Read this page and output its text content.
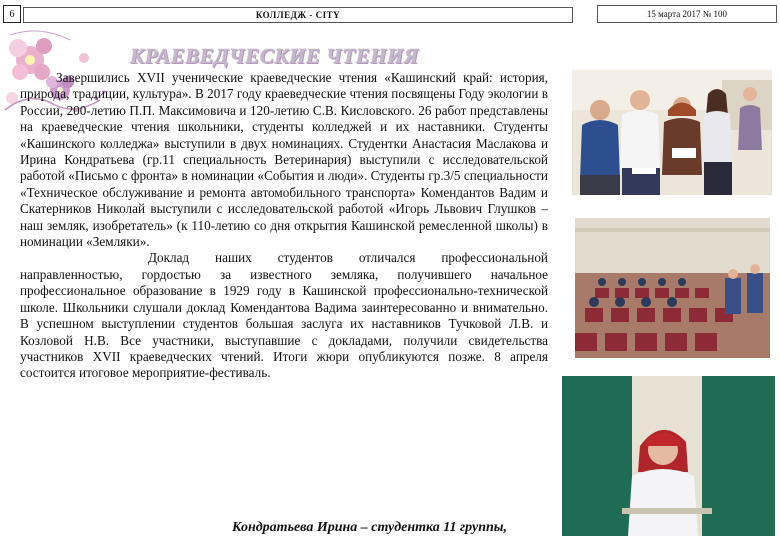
6	КОЛЛЕДЖ - CITY	15 марта 2017 № 100
КРАЕВЕДЧЕСКИЕ ЧТЕНИЯ

Завершились XVII ученические краеведческие чтения «Кашинский край: история, природа, традиции, культура». В 2017 году краеведческие чтения посвящены Году экологии в России, 200-летию П.П. Максимовича и 120-летию С.В. Кисловского. 26 работ представлены на краеведческие чтения школьники, студенты колледжей и их наставники. Студенты «Кашинского колледжа» выступили в двух номинациях. Студентки Анастасия Маслакова и Ирина Кондратьева (гр.11 специальность Ветеринария) выступили с исследовательской работой «Письмо с фронта» в номинации «События и люди». Студенты гр.3/5 специальности «Техническое обслуживание и ремонта автомобильного транспорта» Комендантов Вадим и Скатерников Николай выступили с исследовательской работой «Игорь Львович Глушков – наш земляк, изобретатель» (к 110-летию со дня открытия Кашинской ремесленной школы) в номинации «Земляки».

Доклад наших студентов отличался профессиональной направленностью, гордостью за известного земляка, получившего начальное профессиональное образование в 1929 году в Кашинской профессионально-технической школе. Школьники слушали доклад Комендантова Вадима заинтересованно и внимательно. В успешном выступлении студентов большая заслуга их наставников Тучковой Л.В. и Козловой Н.В. Все участники, выступавшие с докладами, получили свидетельства участников XVII краеведческих чтений. Итоги жюри опубликуются позже. 8 апреля состоится итоговое мероприятие-фестиваль.

Кондратьева Ирина – студентка 11 группы,
